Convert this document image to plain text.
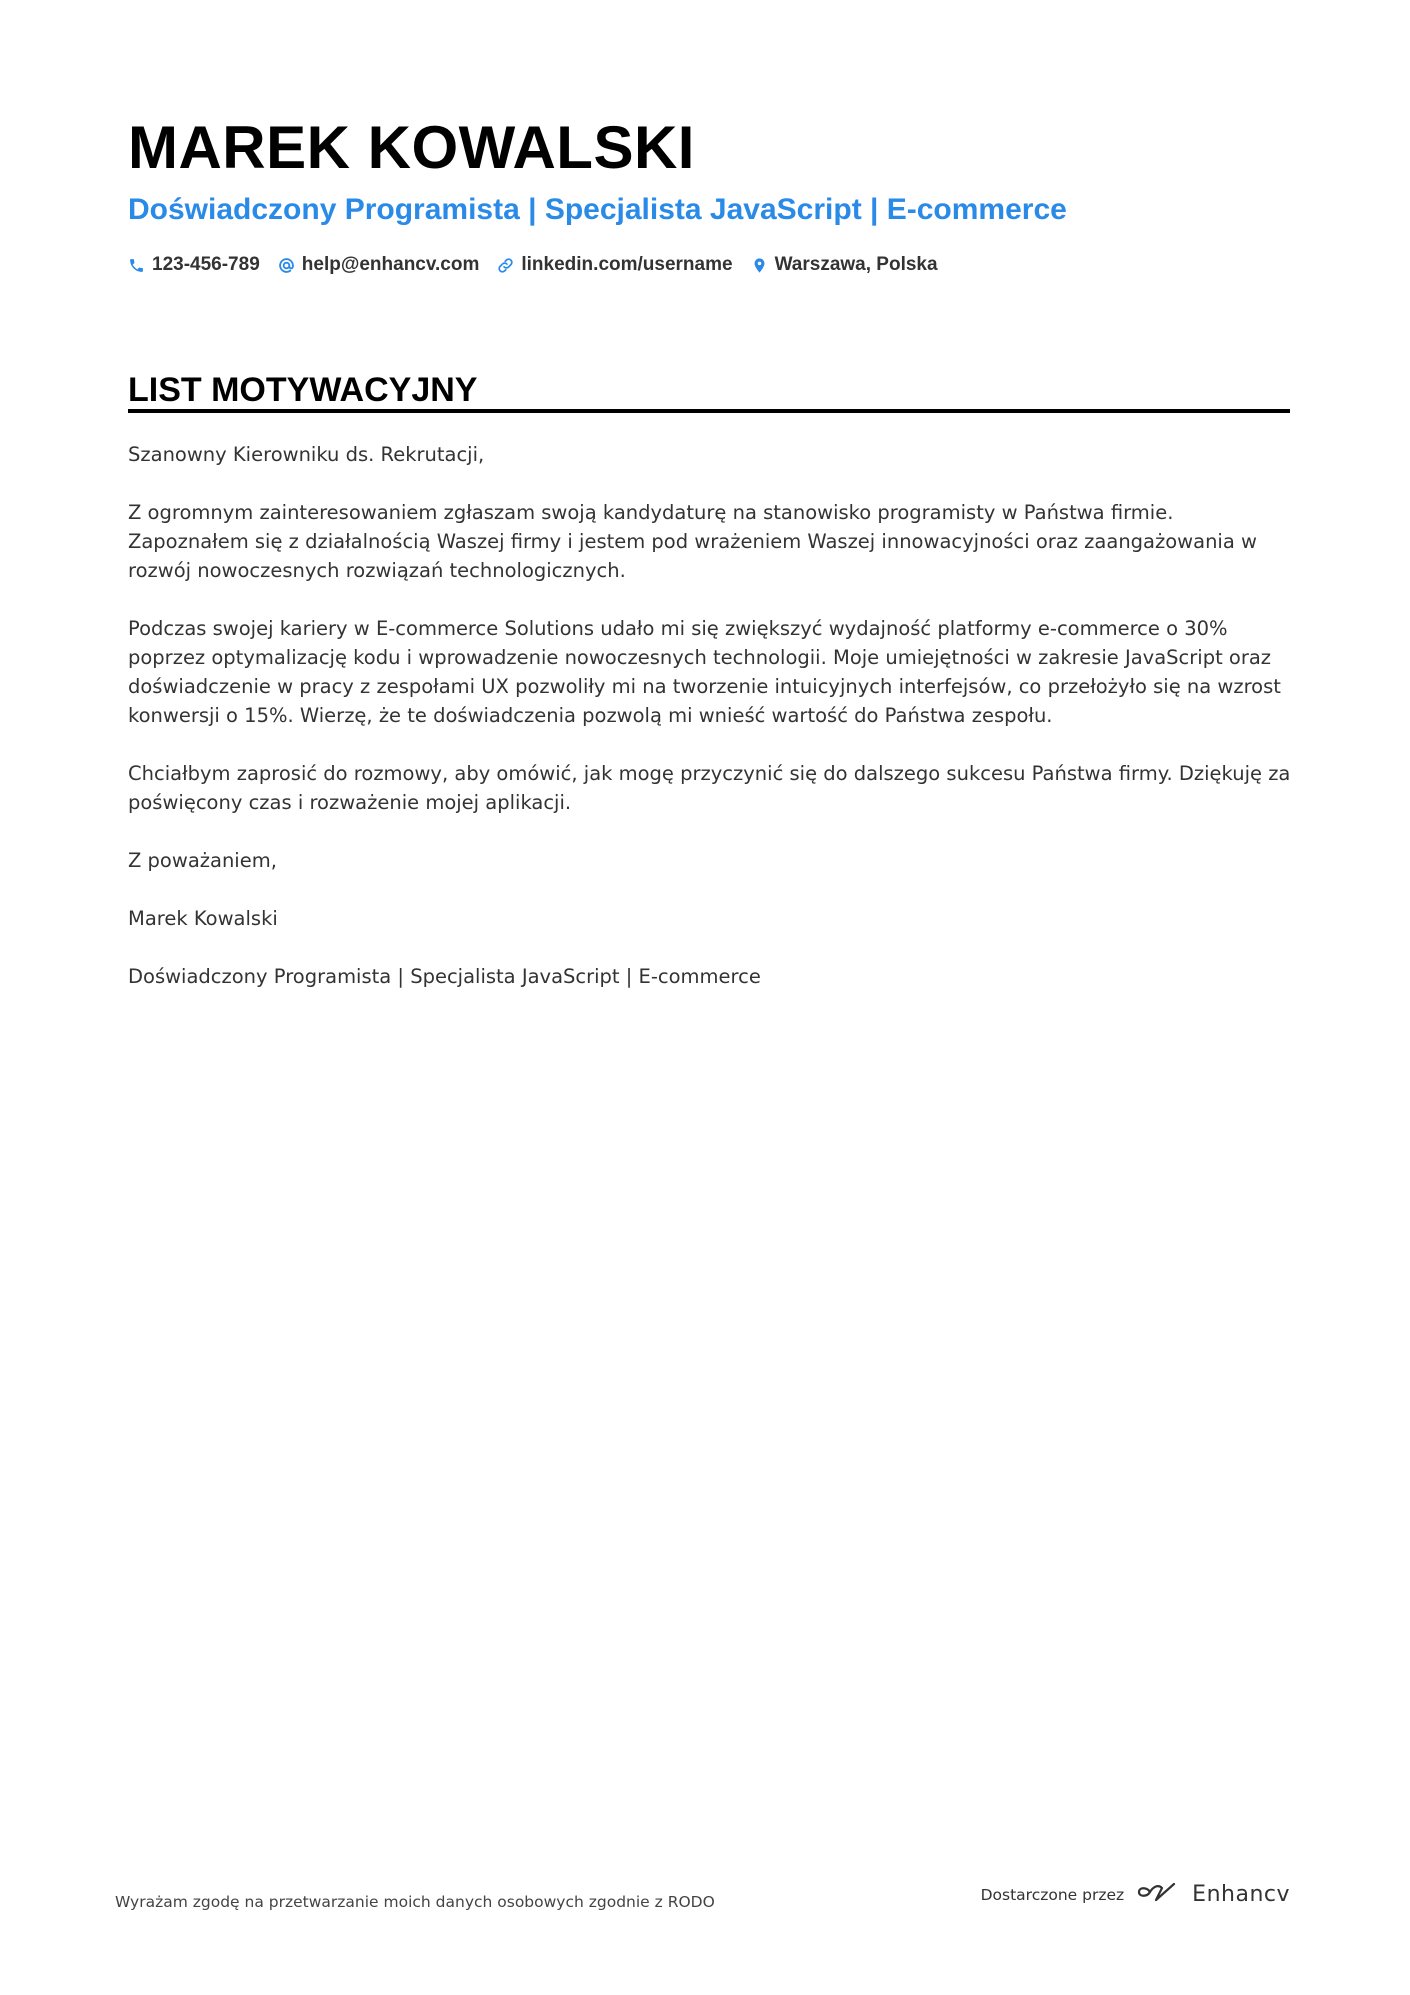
MAREK KOWALSKI
Doświadczony Programista | Specjalista JavaScript | E-commerce
123-456-789 help@enhancv.com linkedin.com/username Warszawa, Polska
LIST MOTYWACYJNY

Szanowny Kierowniku ds. Rekrutacji,

Z ogromnym zainteresowaniem zgłaszam swoją kandydaturę na stanowisko programisty w Państwa firmie. Zapoznałem się z działalnością Waszej firmy i jestem pod wrażeniem Waszej innowacyjności oraz zaangażowania w rozwój nowoczesnych rozwiązań technologicznych.

Podczas swojej kariery w E-commerce Solutions udało mi się zwiększyć wydajność platformy e-commerce o 30% poprzez optymalizację kodu i wprowadzenie nowoczesnych technologii. Moje umiejętności w zakresie JavaScript oraz doświadczenie w pracy z zespołami UX pozwoliły mi na tworzenie intuicyjnych interfejsów, co przełożyło się na wzrost konwersji o 15%. Wierzę, że te doświadczenia pozwolą mi wnieść wartość do Państwa zespołu.

Chciałbym zaprosić do rozmowy, aby omówić, jak mogę przyczynić się do dalszego sukcesu Państwa firmy. Dziękuję za poświęcony czas i rozważenie mojej aplikacji.

Z poważaniem,

Marek Kowalski

Doświadczony Programista | Specjalista JavaScript | E-commerce

Wyrażam zgodę na przetwarzanie moich danych osobowych zgodnie z RODO	Dostarczone przez	Enhancv
